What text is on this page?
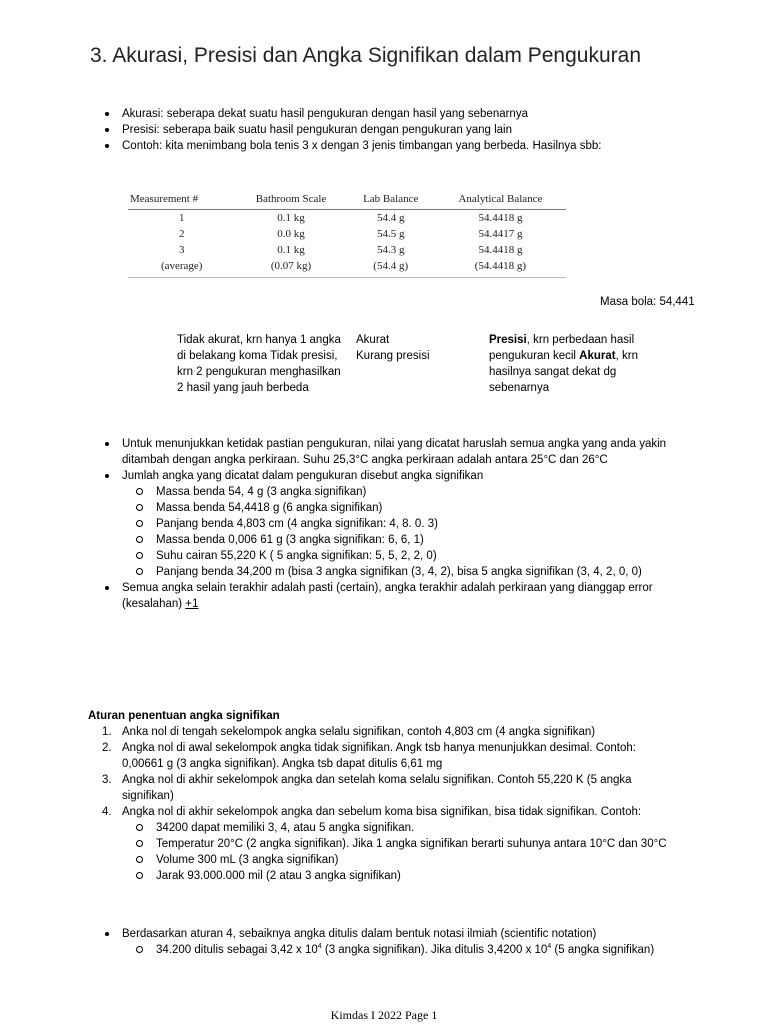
3. Akurasi, Presisi dan Angka Signifikan dalam Pengukuran
Akurasi: seberapa dekat suatu hasil pengukuran dengan hasil yang sebenarnya
Presisi: seberapa baik suatu hasil pengukuran dengan pengukuran yang lain
Contoh: kita menimbang bola tenis 3 x dengan 3 jenis timbangan yang berbeda. Hasilnya sbb:
Measurement #	Bathroom Scale	Lab Balance	Analytical Balance
1	0.1 kg	54.4 g	54.4418 g
2	0.0 kg	54.5 g	54.4417 g
3	0.1 kg	54.3 g	54.4418 g
(average)	(0.07 kg)	(54.4 g)	(54.4418 g)
Masa bola: 54,441
Tidak akurat, krn hanya 1 angka di belakang koma Tidak presisi, krn 2 pengukuran menghasilkan 2 hasil yang jauh berbeda
Akurat
Kurang presisi
Presisi, krn perbedaan hasil pengukuran kecil Akurat, krn hasilnya sangat dekat dg sebenarnya
Untuk menunjukkan ketidak pastian pengukuran, nilai yang dicatat haruslah semua angka yang anda yakin ditambah dengan angka perkiraan. Suhu 25,3°C angka perkiraan adalah antara 25°C dan 26°C
Jumlah angka yang dicatat dalam pengukuran disebut angka signifikan
Massa benda 54, 4 g (3 angka signifikan)
Massa benda 54,4418 g (6 angka signifikan)
Panjang benda 4,803 cm (4 angka signifikan: 4, 8. 0. 3)
Massa benda 0,006 61 g (3 angka signifikan: 6, 6, 1)
Suhu cairan 55,220 K ( 5 angka signifikan: 5, 5, 2, 2, 0)
Panjang benda 34,200 m (bisa 3 angka signifikan (3, 4, 2), bisa 5 angka signifikan (3, 4, 2, 0, 0)
Semua angka selain terakhir adalah pasti (certain), angka terakhir adalah perkiraan yang dianggap error (kesalahan) +1
Aturan penentuan angka signifikan
1. Anka nol di tengah sekelompok angka selalu signifikan, contoh 4,803 cm (4 angka signifikan)
2. Angka nol di awal sekelompok angka tidak signifikan. Angk tsb hanya menunjukkan desimal. Contoh: 0,00661 g (3 angka signifikan). Angka tsb dapat ditulis 6,61 mg
3. Angka nol di akhir sekelompok angka dan setelah koma selalu signifikan. Contoh 55,220 K (5 angka signifikan)
4. Angka nol di akhir sekelompok angka dan sebelum koma bisa signifikan, bisa tidak signifikan. Contoh:
34200 dapat memiliki 3, 4, atau 5 angka signifikan.
Temperatur 20°C (2 angka signifikan). Jika 1 angka signifikan berarti suhunya antara 10°C dan 30°C
Volume 300 mL (3 angka signifikan)
Jarak 93.000.000 mil (2 atau 3 angka signifikan)
Berdasarkan aturan 4, sebaiknya angka ditulis dalam bentuk notasi ilmiah (scientific notation)
34.200 ditulis sebagai 3,42 x $10^4$ (3 angka signifikan). Jika ditulis 3,4200 x $10^4$ (5 angka signifikan)
Kimdas I 2022 Page 1
